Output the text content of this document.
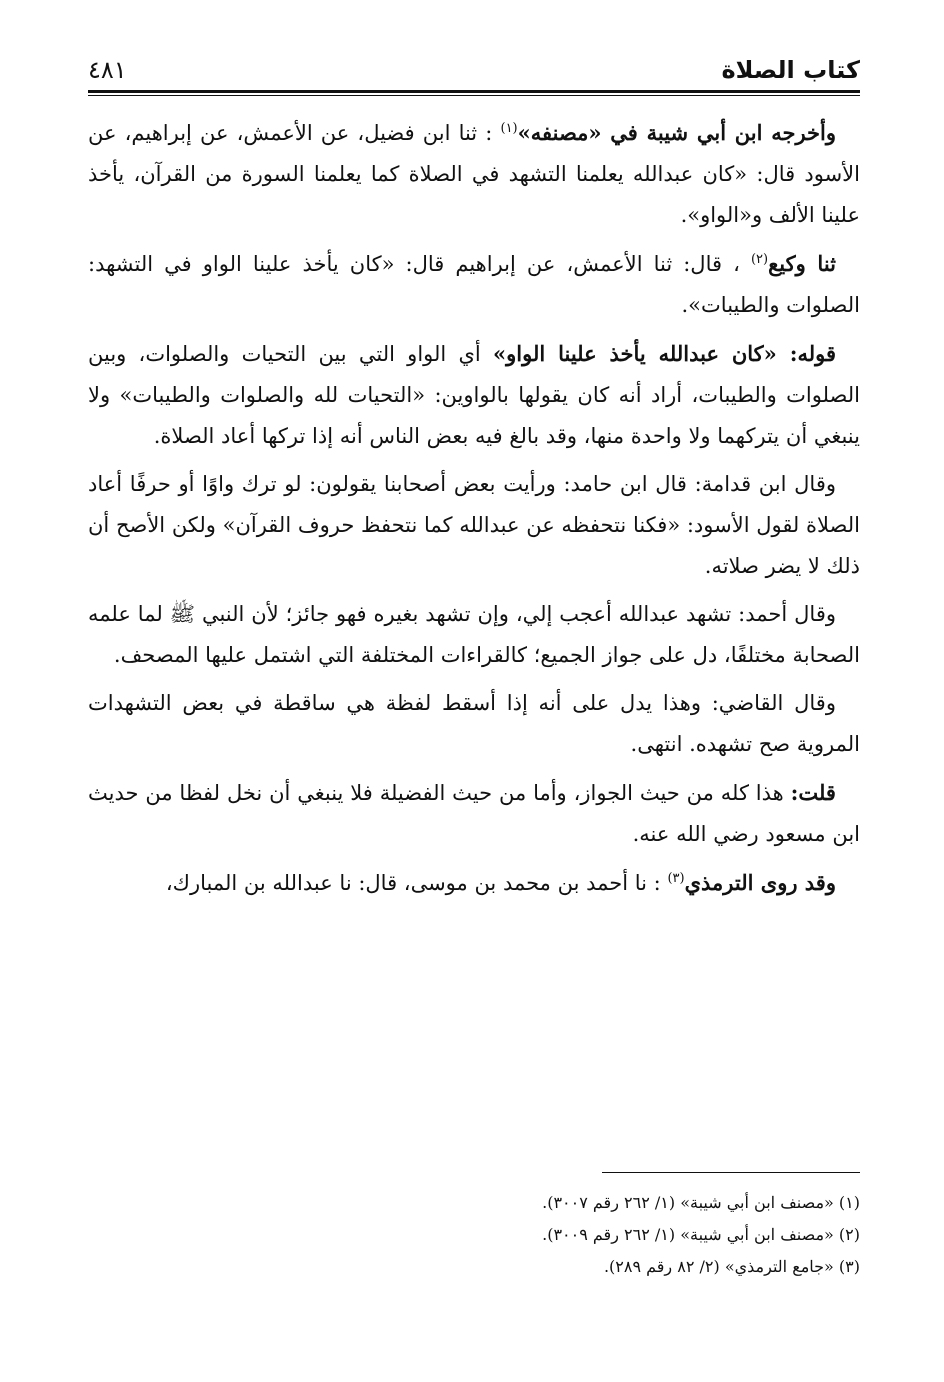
كتاب الصلاة
٤٨١

وأخرجه ابن أبي شيبة في «مصنفه»$^{(١)}$ : ثنا ابن فضيل، عن الأعمش، عن إبراهيم، عن الأسود قال: «كان عبدالله يعلمنا التشهد في الصلاة كما يعلمنا السورة من القرآن، يأخذ علينا الألف و«الواو».

ثنا وكيع$^{(٢)}$ ، قال: ثنا الأعمش، عن إبراهيم قال: «كان يأخذ علينا الواو في التشهد: الصلوات والطيبات».

قوله: «كان عبدالله يأخذ علينا الواو» أي الواو التي بين التحيات والصلوات، وبين الصلوات والطيبات، أراد أنه كان يقولها بالواوين: «التحيات لله والصلوات والطيبات» ولا ينبغي أن يتركهما ولا واحدة منها، وقد بالغ فيه بعض الناس أنه إذا تركها أعاد الصلاة.

وقال ابن قدامة: قال ابن حامد: ورأيت بعض أصحابنا يقولون: لو ترك واوًا أو حرفًا أعاد الصلاة لقول الأسود: «فكنا نتحفظه عن عبدالله كما نتحفظ حروف القرآن» ولكن الأصح أن ذلك لا يضر صلاته.

وقال أحمد: تشهد عبدالله أعجب إلي، وإن تشهد بغيره فهو جائز؛ لأن النبي ﷺ لما علمه الصحابة مختلفًا، دل على جواز الجميع؛ كالقراءات المختلفة التي اشتمل عليها المصحف.

وقال القاضي: وهذا يدل على أنه إذا أسقط لفظة هي ساقطة في بعض التشهدات المروية صح تشهده. انتهى.

قلت: هذا كله من حيث الجواز، وأما من حيث الفضيلة فلا ينبغي أن نخل لفظا من حديث ابن مسعود رضي الله عنه.

وقد روى الترمذي$^{(٣)}$ : نا أحمد بن محمد بن موسى، قال: نا عبدالله بن المبارك،

(١) «مصنف ابن أبي شيبة» (١/ ٢٦٢ رقم ٣٠٠٧).
(٢) «مصنف ابن أبي شيبة» (١/ ٢٦٢ رقم ٣٠٠٩).
(٣) «جامع الترمذي» (٢/ ٨٢ رقم ٢٨٩).
